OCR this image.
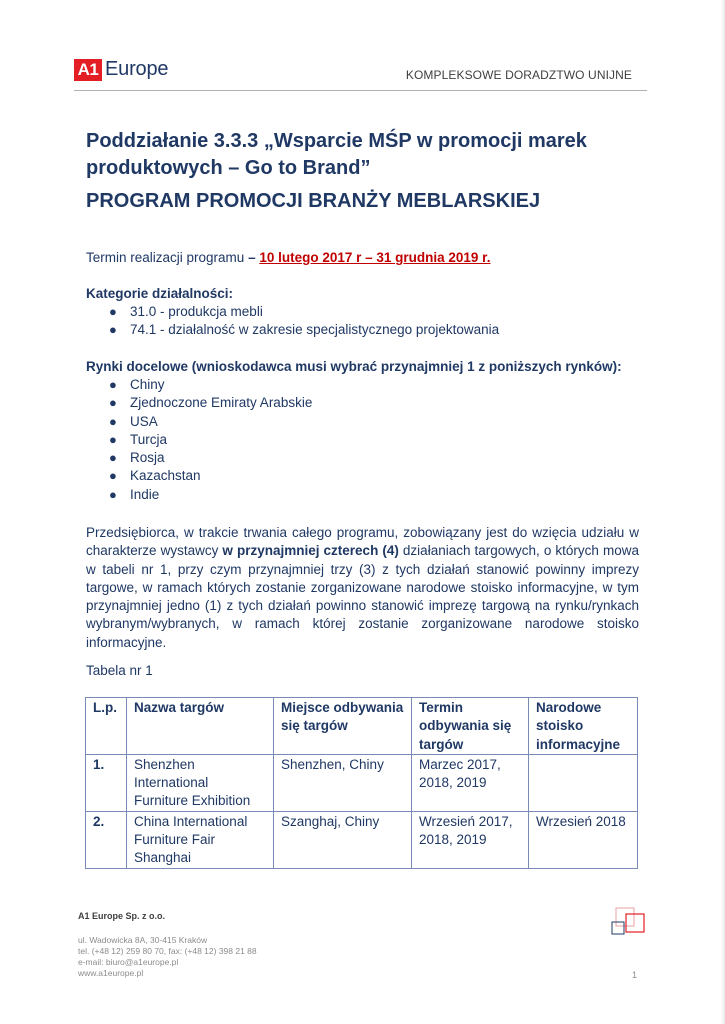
A1 Europe	KOMPLEKSOWE DORADZTWO UNIJNE
Poddziałanie 3.3.3 „Wsparcie MŚP w promocji marek produktowych – Go to Brand”
PROGRAM PROMOCJI BRANŻY MEBLARSKIEJ
Termin realizacji programu – 10 lutego 2017 r – 31 grudnia 2019 r.
Kategorie działalności:
● 31.0 - produkcja mebli
● 74.1 - działalność w zakresie specjalistycznego projektowania
Rynki docelowe (wnioskodawca musi wybrać przynajmniej 1 z poniższych rynków):
● Chiny
● Zjednoczone Emiraty Arabskie
● USA
● Turcja
● Rosja
● Kazachstan
● Indie
Przedsiębiorca, w trakcie trwania całego programu, zobowiązany jest do wzięcia udziału w charakterze wystawcy w przynajmniej czterech (4) działaniach targowych, o których mowa w tabeli nr 1, przy czym przynajmniej trzy (3) z tych działań stanowić powinny imprezy targowe, w ramach których zostanie zorganizowane narodowe stoisko informacyjne, w tym przynajmniej jedno (1) z tych działań powinno stanowić imprezę targową na rynku/rynkach wybranym/wybranych, w ramach której zostanie zorganizowane narodowe stoisko informacyjne.
Tabela nr 1
L.p.	Nazwa targów	Miejsce odbywania się targów	Termin odbywania się targów	Narodowe stoisko informacyjne
1.	Shenzhen International Furniture Exhibition	Shenzhen, Chiny	Marzec 2017, 2018, 2019	
2.	China International Furniture Fair Shanghai	Szanghaj, Chiny	Wrzesień 2017, 2018, 2019	Wrzesień 2018
A1 Europe Sp. z o.o.
ul. Wadowicka 8A, 30-415 Kraków
tel. (+48 12) 259 80 70, fax: (+48 12) 398 21 88
e-mail: biuro@a1europe.pl
www.a1europe.pl	1
